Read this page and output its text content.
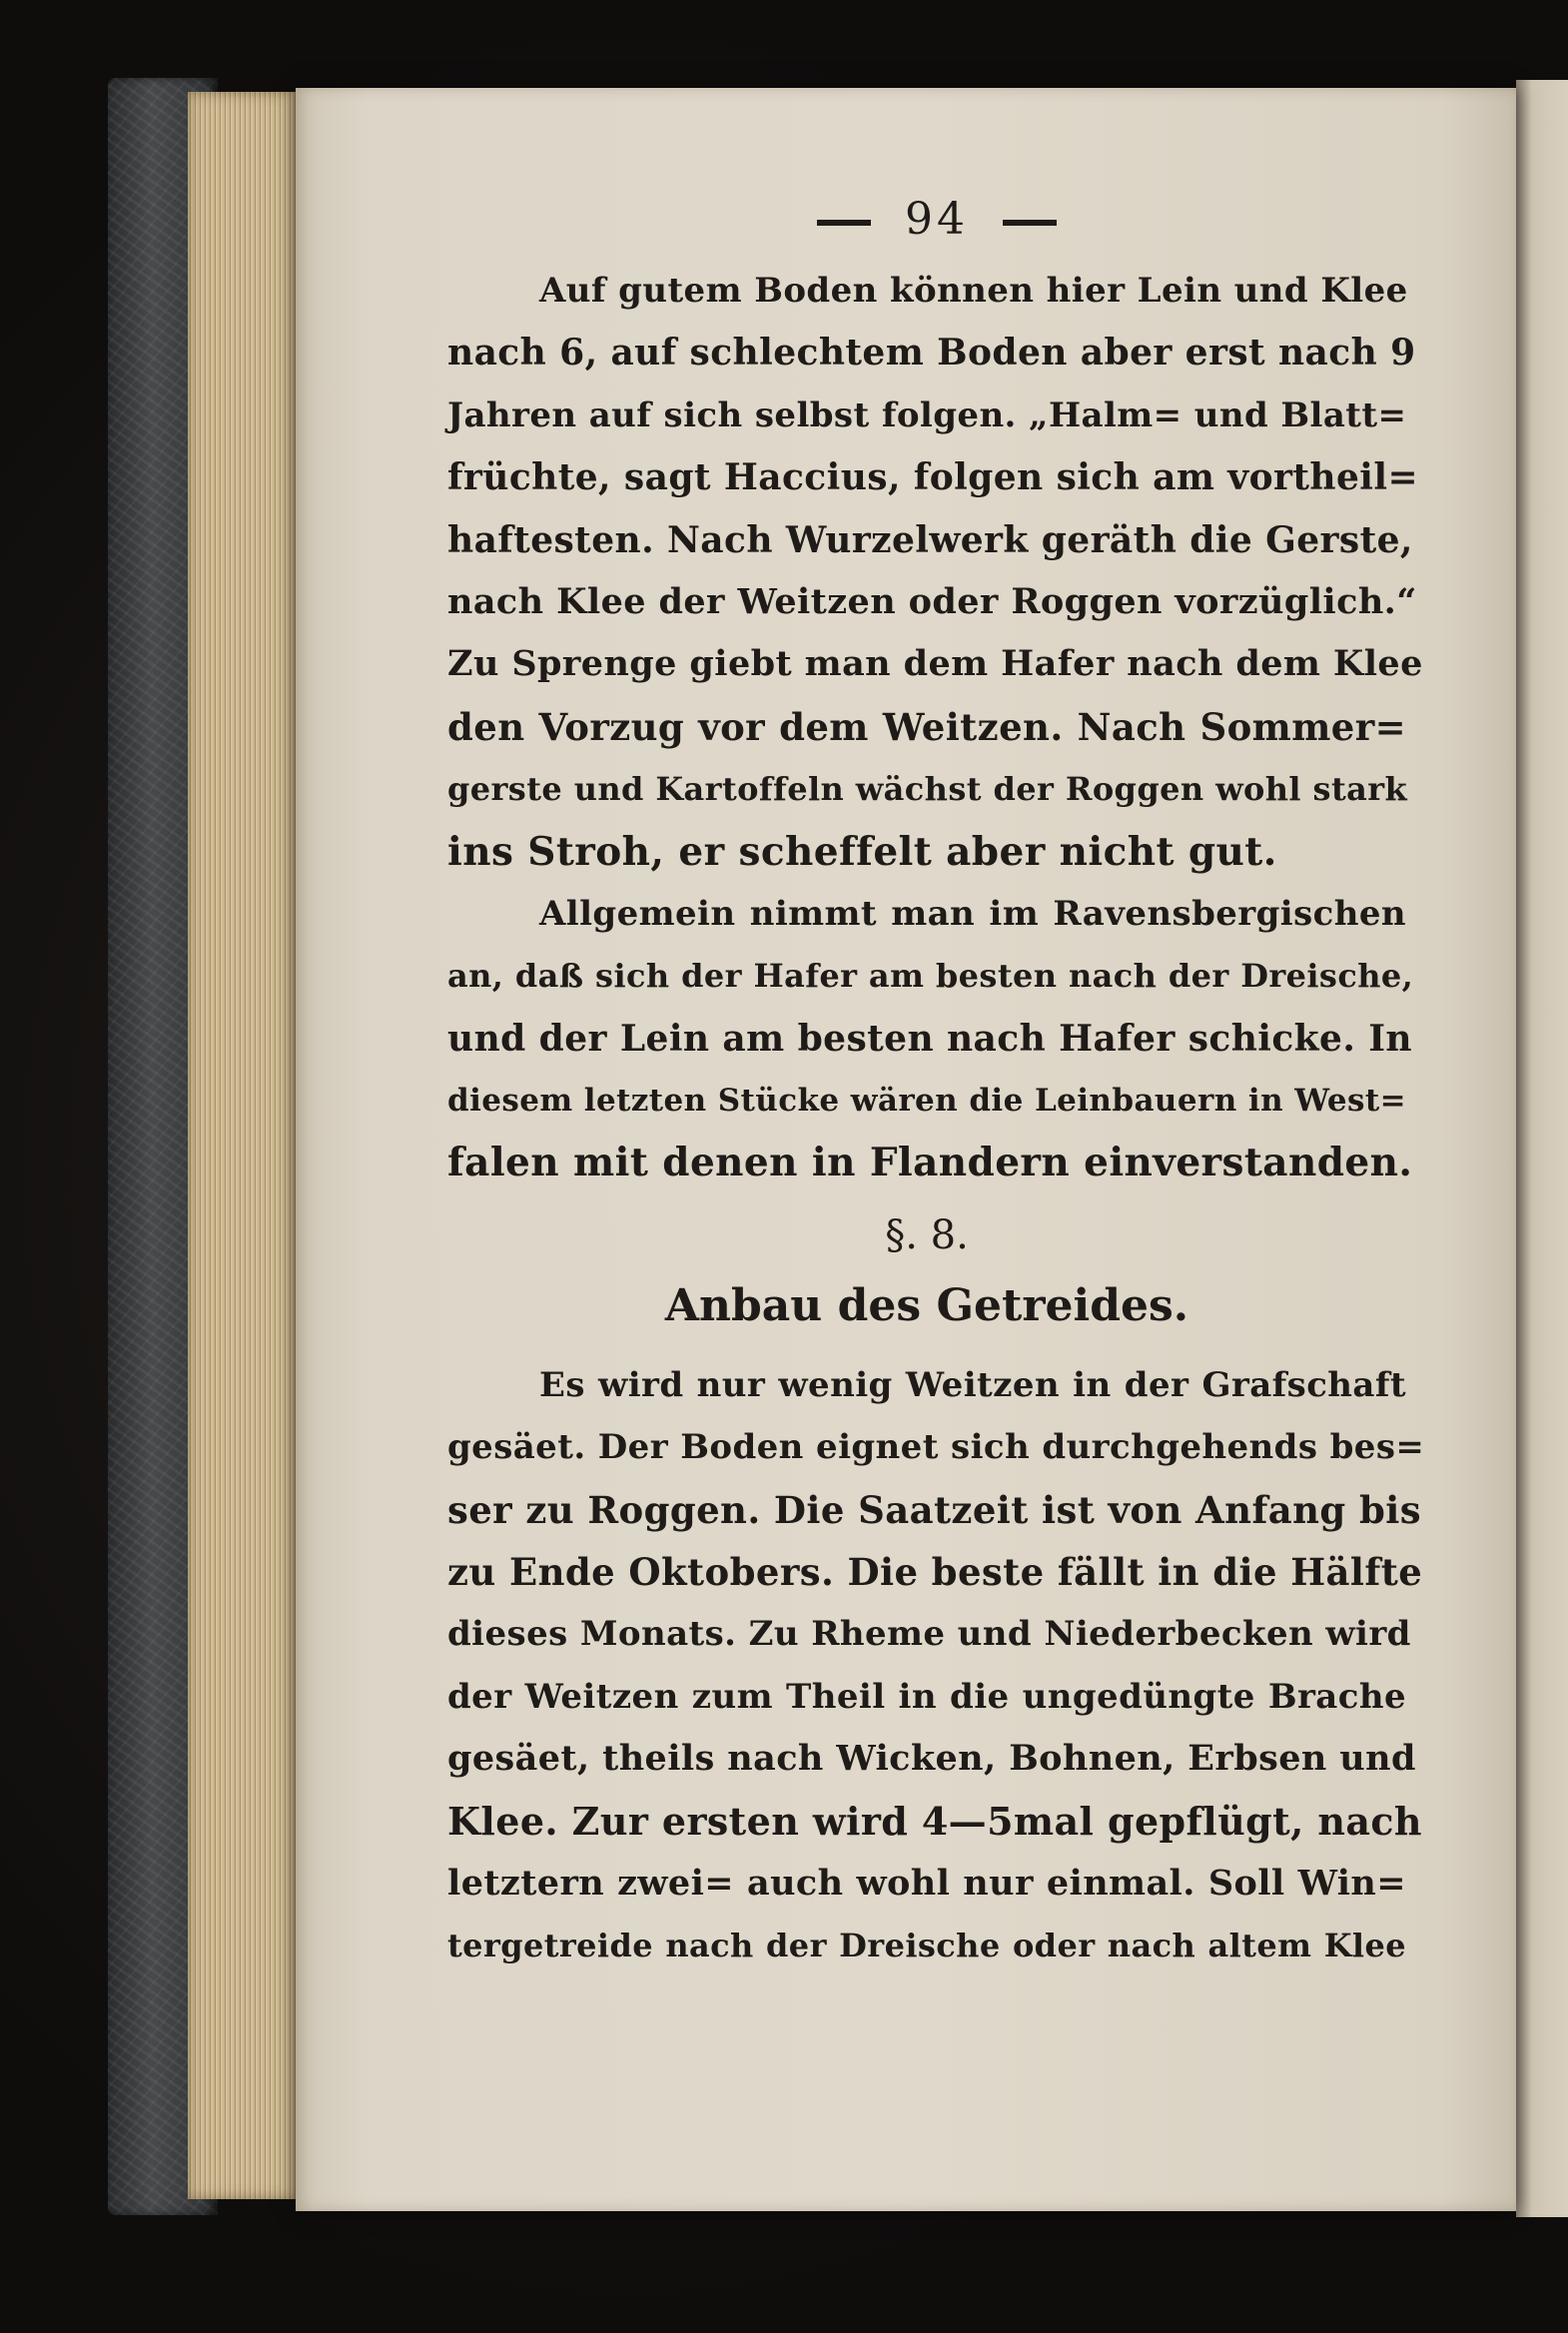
94
Auf gutem Boden können hier Lein und Klee
nach 6, auf schlechtem Boden aber erst nach 9
Jahren auf sich selbst folgen. „Halm= und Blatt=
früchte, sagt Haccius, folgen sich am vortheil=
haftesten. Nach Wurzelwerk geräth die Gerste,
nach Klee der Weitzen oder Roggen vorzüglich.“
Zu Sprenge giebt man dem Hafer nach dem Klee
den Vorzug vor dem Weitzen. Nach Sommer=
gerste und Kartoffeln wächst der Roggen wohl stark
ins Stroh, er scheffelt aber nicht gut.
Allgemein nimmt man im Ravensbergischen
an, daß sich der Hafer am besten nach der Dreische,
und der Lein am besten nach Hafer schicke. In
diesem letzten Stücke wären die Leinbauern in West=
falen mit denen in Flandern einverstanden.
§. 8.
Anbau des Getreides.
Es wird nur wenig Weitzen in der Grafschaft
gesäet. Der Boden eignet sich durchgehends bes=
ser zu Roggen. Die Saatzeit ist von Anfang bis
zu Ende Oktobers. Die beste fällt in die Hälfte
dieses Monats. Zu Rheme und Niederbecken wird
der Weitzen zum Theil in die ungedüngte Brache
gesäet, theils nach Wicken, Bohnen, Erbsen und
Klee. Zur ersten wird 4—5mal gepflügt, nach
letztern zwei= auch wohl nur einmal. Soll Win=
tergetreide nach der Dreische oder nach altem Klee
